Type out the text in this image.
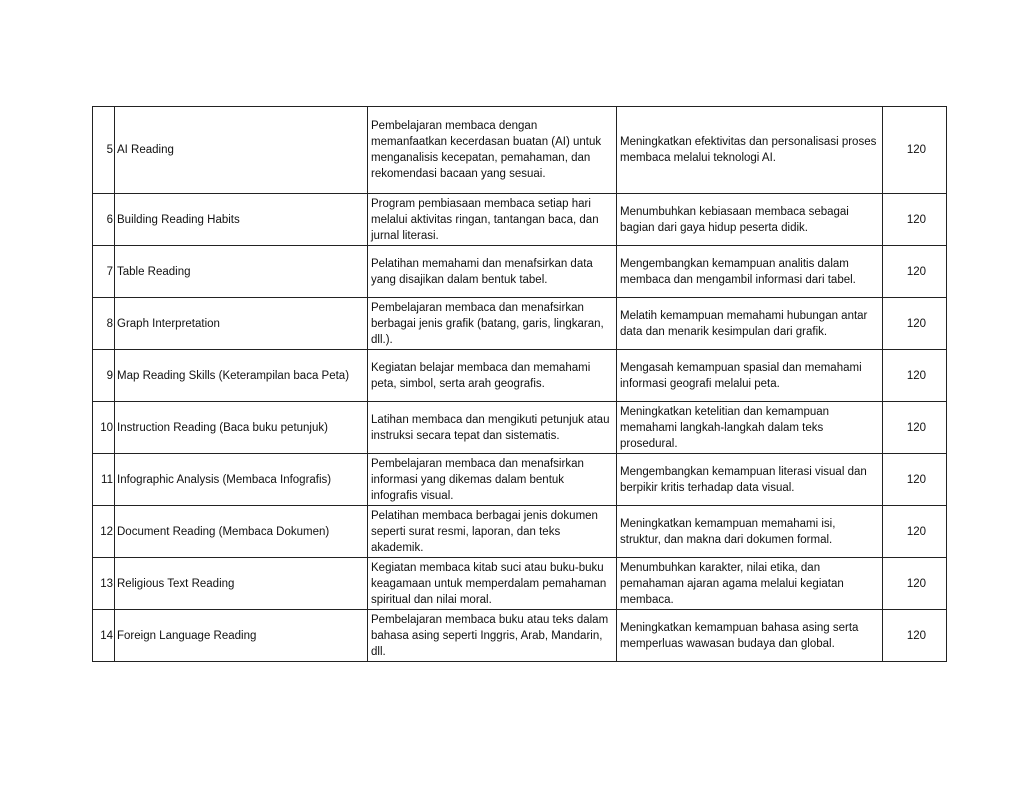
5	AI Reading	Pembelajaran membaca dengan memanfaatkan kecerdasan buatan (AI) untuk menganalisis kecepatan, pemahaman, dan rekomendasi bacaan yang sesuai.	Meningkatkan efektivitas dan personalisasi proses membaca melalui teknologi AI.	120
6	Building Reading Habits	Program pembiasaan membaca setiap hari melalui aktivitas ringan, tantangan baca, dan jurnal literasi.	Menumbuhkan kebiasaan membaca sebagai bagian dari gaya hidup peserta didik.	120
7	Table Reading	Pelatihan memahami dan menafsirkan data yang disajikan dalam bentuk tabel.	Mengembangkan kemampuan analitis dalam membaca dan mengambil informasi dari tabel.	120
8	Graph Interpretation	Pembelajaran membaca dan menafsirkan berbagai jenis grafik (batang, garis, lingkaran, dll.).	Melatih kemampuan memahami hubungan antar data dan menarik kesimpulan dari grafik.	120
9	Map Reading Skills (Keterampilan baca Peta)	Kegiatan belajar membaca dan memahami peta, simbol, serta arah geografis.	Mengasah kemampuan spasial dan memahami informasi geografi melalui peta.	120
10	Instruction Reading (Baca buku petunjuk)	Latihan membaca dan mengikuti petunjuk atau instruksi secara tepat dan sistematis.	Meningkatkan ketelitian dan kemampuan memahami langkah-langkah dalam teks prosedural.	120
11	Infographic Analysis (Membaca Infografis)	Pembelajaran membaca dan menafsirkan informasi yang dikemas dalam bentuk infografis visual.	Mengembangkan kemampuan literasi visual dan berpikir kritis terhadap data visual.	120
12	Document Reading (Membaca Dokumen)	Pelatihan membaca berbagai jenis dokumen seperti surat resmi, laporan, dan teks akademik.	Meningkatkan kemampuan memahami isi, struktur, dan makna dari dokumen formal.	120
13	Religious Text Reading	Kegiatan membaca kitab suci atau buku-buku keagamaan untuk memperdalam pemahaman spiritual dan nilai moral.	Menumbuhkan karakter, nilai etika, dan pemahaman ajaran agama melalui kegiatan membaca.	120
14	Foreign Language Reading	Pembelajaran membaca buku atau teks dalam bahasa asing seperti Inggris, Arab, Mandarin, dll.	Meningkatkan kemampuan bahasa asing serta memperluas wawasan budaya dan global.	120
